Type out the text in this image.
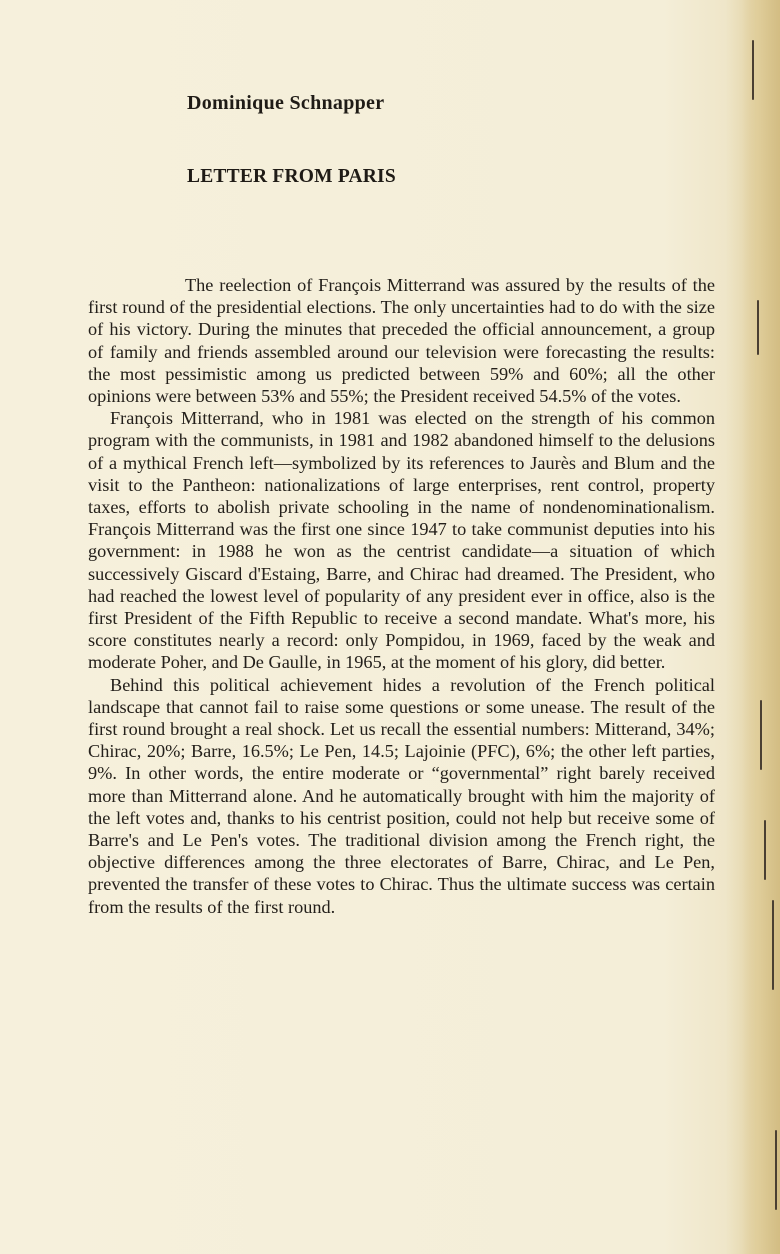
Dominique Schnapper
LETTER FROM PARIS

The reelection of François Mitterrand was assured by the results of the first round of the presidential elections. The only uncertainties had to do with the size of his victory. During the minutes that preceded the official announcement, a group of family and friends assembled around our television were forecasting the results: the most pessimistic among us predicted between 59% and 60%; all the other opinions were between 53% and 55%; the President received 54.5% of the votes.

François Mitterrand, who in 1981 was elected on the strength of his common program with the communists, in 1981 and 1982 abandoned himself to the delusions of a mythical French left—symbolized by its references to Jaurès and Blum and the visit to the Pantheon: nationalizations of large enterprises, rent control, property taxes, efforts to abolish private schooling in the name of nondenominationalism. François Mitterrand was the first one since 1947 to take communist deputies into his government: in 1988 he won as the centrist candidate—a situation of which successively Giscard d'Estaing, Barre, and Chirac had dreamed. The President, who had reached the lowest level of popularity of any president ever in office, also is the first President of the Fifth Republic to receive a second mandate. What's more, his score constitutes nearly a record: only Pompidou, in 1969, faced by the weak and moderate Poher, and De Gaulle, in 1965, at the moment of his glory, did better.

Behind this political achievement hides a revolution of the French political landscape that cannot fail to raise some questions or some unease. The result of the first round brought a real shock. Let us recall the essential numbers: Mitterand, 34%; Chirac, 20%; Barre, 16.5%; Le Pen, 14.5; Lajoinie (PFC), 6%; the other left parties, 9%. In other words, the entire moderate or “governmental” right barely received more than Mitterrand alone. And he automatically brought with him the majority of the left votes and, thanks to his centrist position, could not help but receive some of Barre's and Le Pen's votes. The traditional division among the French right, the objective differences among the three electorates of Barre, Chirac, and Le Pen, prevented the transfer of these votes to Chirac. Thus the ultimate success was certain from the results of the first round.
